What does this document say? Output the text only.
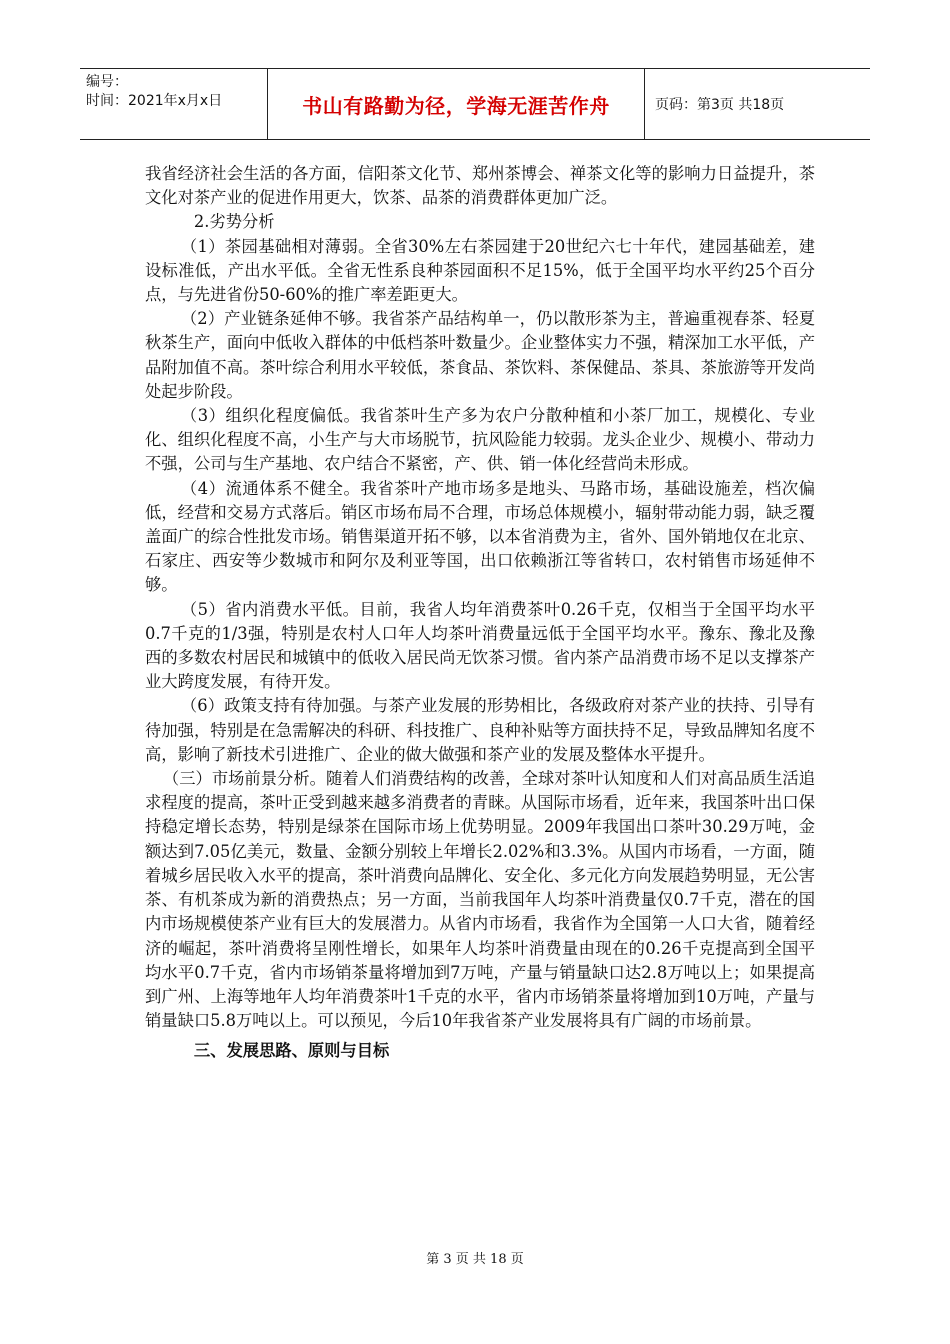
编号：
时间：2021年x月x日	书山有路勤为径，学海无涯苦作舟	页码：第3页 共18页

我省经济社会生活的各方面，信阳茶文化节、郑州茶博会、禅茶文化等的影响力日益提升，茶文化对茶产业的促进作用更大，饮茶、品茶的消费群体更加广泛。

2.劣势分析

（1）茶园基础相对薄弱。全省30%左右茶园建于20世纪六七十年代，建园基础差，建设标准低，产出水平低。全省无性系良种茶园面积不足15%，低于全国平均水平约25个百分点，与先进省份50-60%的推广率差距更大。

（2）产业链条延伸不够。我省茶产品结构单一，仍以散形茶为主，普遍重视春茶、轻夏秋茶生产，面向中低收入群体的中低档茶叶数量少。企业整体实力不强，精深加工水平低，产品附加值不高。茶叶综合利用水平较低，茶食品、茶饮料、茶保健品、茶具、茶旅游等开发尚处起步阶段。

（3）组织化程度偏低。我省茶叶生产多为农户分散种植和小茶厂加工，规模化、专业化、组织化程度不高，小生产与大市场脱节，抗风险能力较弱。龙头企业少、规模小、带动力不强，公司与生产基地、农户结合不紧密，产、供、销一体化经营尚未形成。

（4）流通体系不健全。我省茶叶产地市场多是地头、马路市场，基础设施差，档次偏低，经营和交易方式落后。销区市场布局不合理，市场总体规模小，辐射带动能力弱，缺乏覆盖面广的综合性批发市场。销售渠道开拓不够，以本省消费为主，省外、国外销地仅在北京、石家庄、西安等少数城市和阿尔及利亚等国，出口依赖浙江等省转口，农村销售市场延伸不够。

（5）省内消费水平低。目前，我省人均年消费茶叶0.26千克，仅相当于全国平均水平0.7千克的1/3强，特别是农村人口年人均茶叶消费量远低于全国平均水平。豫东、豫北及豫西的多数农村居民和城镇中的低收入居民尚无饮茶习惯。省内茶产品消费市场不足以支撑茶产业大跨度发展，有待开发。

（6）政策支持有待加强。与茶产业发展的形势相比，各级政府对茶产业的扶持、引导有待加强，特别是在急需解决的科研、科技推广、良种补贴等方面扶持不足，导致品牌知名度不高，影响了新技术引进推广、企业的做大做强和茶产业的发展及整体水平提升。

（三）市场前景分析。随着人们消费结构的改善，全球对茶叶认知度和人们对高品质生活追求程度的提高，茶叶正受到越来越多消费者的青睐。从国际市场看，近年来，我国茶叶出口保持稳定增长态势，特别是绿茶在国际市场上优势明显。2009年我国出口茶叶30.29万吨，金额达到7.05亿美元，数量、金额分别较上年增长2.02%和3.3%。从国内市场看，一方面，随着城乡居民收入水平的提高，茶叶消费向品牌化、安全化、多元化方向发展趋势明显，无公害茶、有机茶成为新的消费热点；另一方面，当前我国年人均茶叶消费量仅0.7千克，潜在的国内市场规模使茶产业有巨大的发展潜力。从省内市场看，我省作为全国第一人口大省，随着经济的崛起，茶叶消费将呈刚性增长，如果年人均茶叶消费量由现在的0.26千克提高到全国平均水平0.7千克，省内市场销茶量将增加到7万吨，产量与销量缺口达2.8万吨以上；如果提高到广州、上海等地年人均年消费茶叶1千克的水平，省内市场销茶量将增加到10万吨，产量与销量缺口5.8万吨以上。可以预见，今后10年我省茶产业发展将具有广阔的市场前景。

三、发展思路、原则与目标

第 3 页 共 18 页
